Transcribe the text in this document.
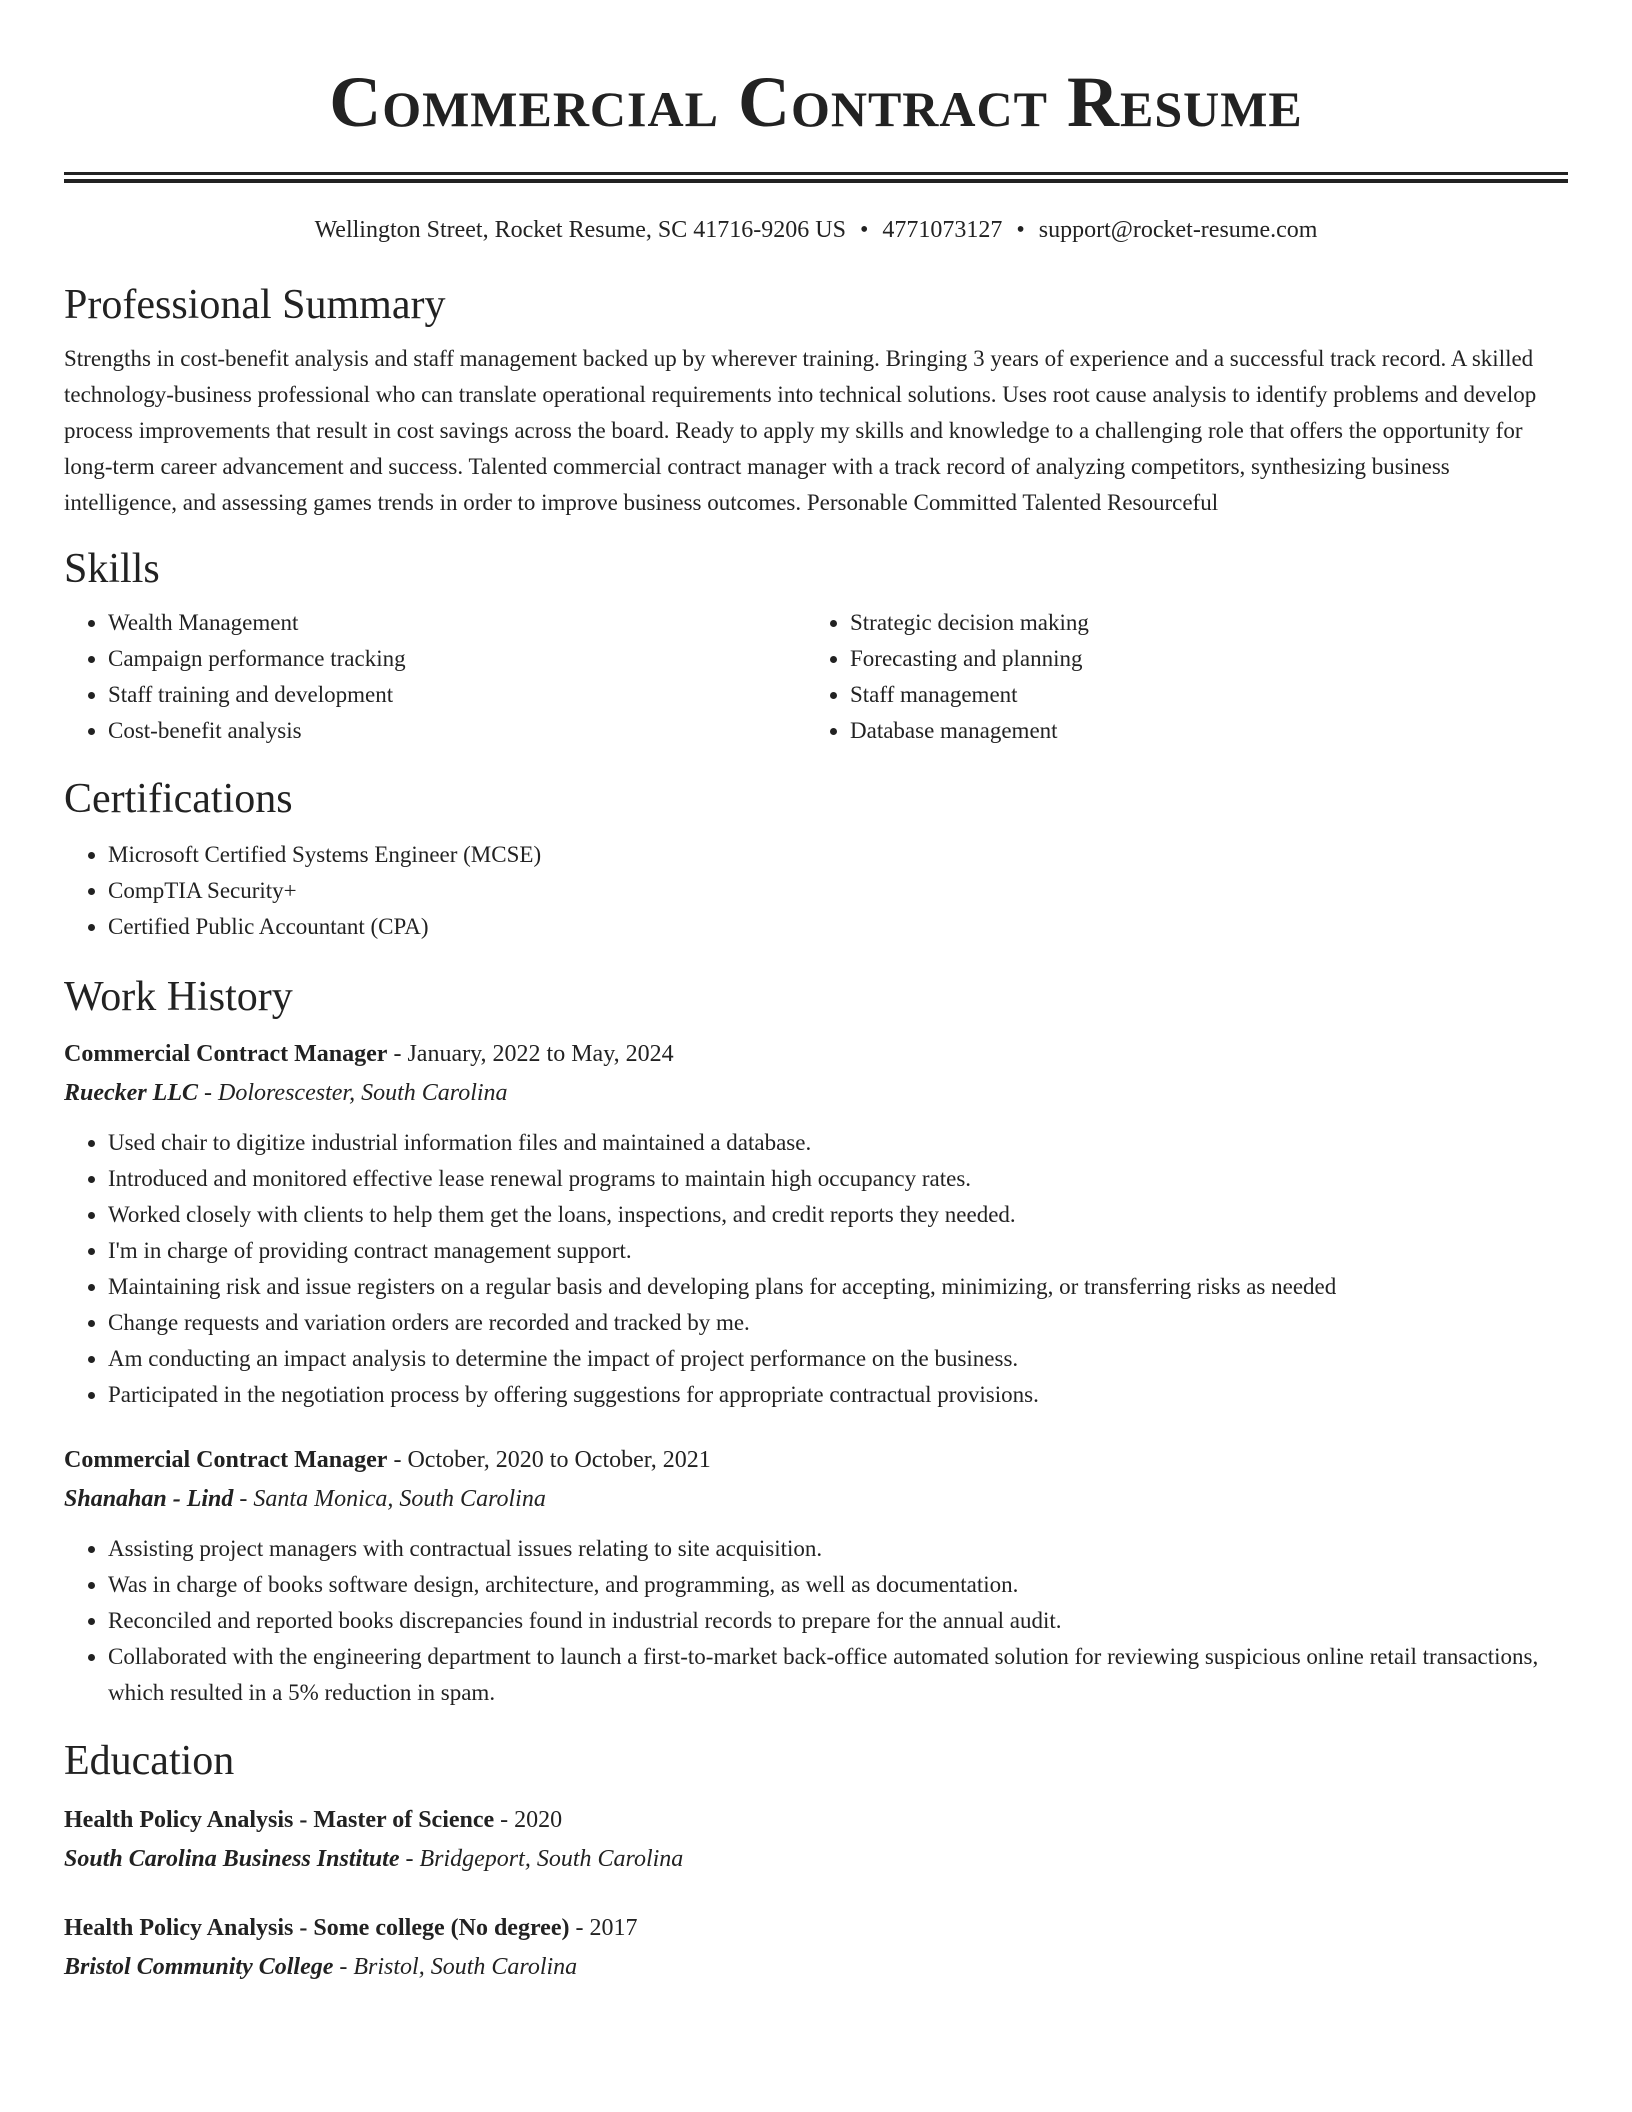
Commercial Contract Resume
Wellington Street, Rocket Resume, SC 41716-9206 US • 4771073127 • support@rocket-resume.com
Professional Summary

Strengths in cost-benefit analysis and staff management backed up by wherever training. Bringing 3 years of experience and a successful track record. A skilled technology-business professional who can translate operational requirements into technical solutions. Uses root cause analysis to identify problems and develop process improvements that result in cost savings across the board. Ready to apply my skills and knowledge to a challenging role that offers the opportunity for long-term career advancement and success. Talented commercial contract manager with a track record of analyzing competitors, synthesizing business intelligence, and assessing games trends in order to improve business outcomes. Personable Committed Talented Resourceful

Skills
• Wealth Management
• Campaign performance tracking
• Staff training and development
• Cost-benefit analysis
• Strategic decision making
• Forecasting and planning
• Staff management
• Database management
Certifications
• Microsoft Certified Systems Engineer (MCSE)
• CompTIA Security+
• Certified Public Accountant (CPA)
Work History
Commercial Contract Manager - January, 2022 to May, 2024
Ruecker LLC - Dolorescester, South Carolina
• Used chair to digitize industrial information files and maintained a database.
• Introduced and monitored effective lease renewal programs to maintain high occupancy rates.
• Worked closely with clients to help them get the loans, inspections, and credit reports they needed.
• I'm in charge of providing contract management support.
• Maintaining risk and issue registers on a regular basis and developing plans for accepting, minimizing, or transferring risks as needed
• Change requests and variation orders are recorded and tracked by me.
• Am conducting an impact analysis to determine the impact of project performance on the business.
• Participated in the negotiation process by offering suggestions for appropriate contractual provisions.
Commercial Contract Manager - October, 2020 to October, 2021
Shanahan - Lind - Santa Monica, South Carolina
• Assisting project managers with contractual issues relating to site acquisition.
• Was in charge of books software design, architecture, and programming, as well as documentation.
• Reconciled and reported books discrepancies found in industrial records to prepare for the annual audit.
• Collaborated with the engineering department to launch a first-to-market back-office automated solution for reviewing suspicious online retail transactions, which resulted in a 5% reduction in spam.
Education
Health Policy Analysis - Master of Science - 2020
South Carolina Business Institute - Bridgeport, South Carolina
Health Policy Analysis - Some college (No degree) - 2017
Bristol Community College - Bristol, South Carolina
